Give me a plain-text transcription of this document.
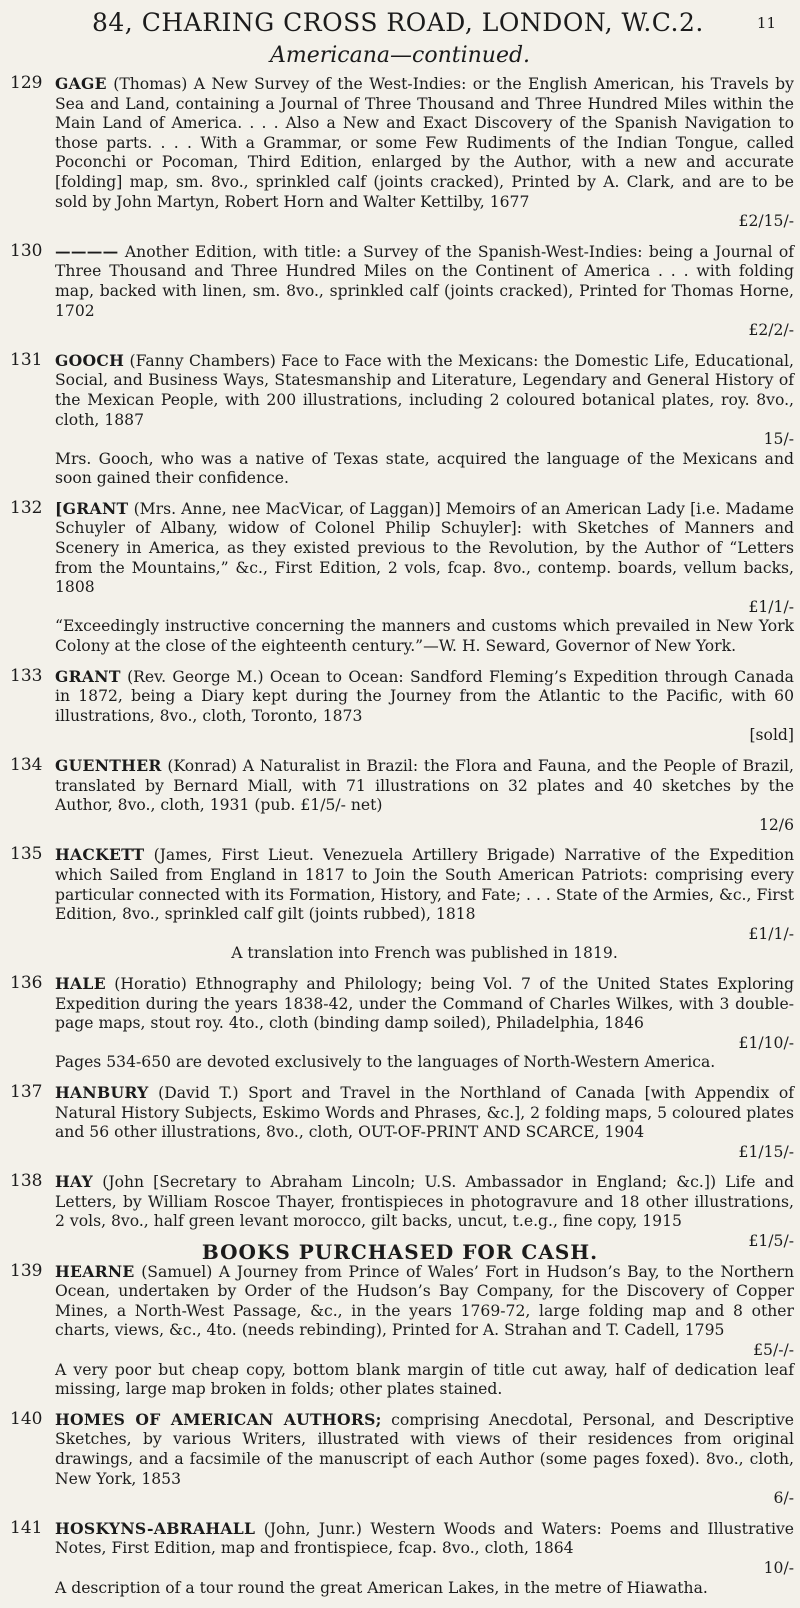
84, CHARING CROSS ROAD, LONDON, W.C.2.	11
Americana—continued.
129 GAGE (Thomas) A New Survey of the West-Indies: or the English American, his Travels by Sea and Land, containing a Journal of Three Thousand and Three Hundred Miles within the Main Land of America. . . . Also a New and Exact Discovery of the Spanish Navigation to those parts. . . . With a Grammar, or some Few Rudiments of the Indian Tongue, called Poconchi or Pocoman, Third Edition, enlarged by the Author, with a new and accurate [folding] map, sm. 8vo., sprinkled calf (joints cracked), Printed by A. Clark, and are to be sold by John Martyn, Robert Horn and Walter Kettilby, 1677
£2/15/-
130 ———— Another Edition, with title: a Survey of the Spanish-West-Indies: being a Journal of Three Thousand and Three Hundred Miles on the Continent of America . . . with folding map, backed with linen, sm. 8vo., sprinkled calf (joints cracked), Printed for Thomas Horne, 1702
£2/2/-
131 GOOCH (Fanny Chambers) Face to Face with the Mexicans: the Domestic Life, Educational, Social, and Business Ways, Statesmanship and Literature, Legendary and General History of the Mexican People, with 200 illustrations, including 2 coloured botanical plates, roy. 8vo., cloth, 1887
15/-
Mrs. Gooch, who was a native of Texas state, acquired the language of the Mexicans and soon gained their confidence.
132 [GRANT (Mrs. Anne, nee MacVicar, of Laggan)] Memoirs of an American Lady [i.e. Madame Schuyler of Albany, widow of Colonel Philip Schuyler]: with Sketches of Manners and Scenery in America, as they existed previous to the Revolution, by the Author of “Letters from the Mountains,” &c., First Edition, 2 vols, fcap. 8vo., contemp. boards, vellum backs, 1808
£1/1/-
“Exceedingly instructive concerning the manners and customs which prevailed in New York Colony at the close of the eighteenth century.”—W. H. Seward, Governor of New York.
133 GRANT (Rev. George M.) Ocean to Ocean: Sandford Fleming’s Expedition through Canada in 1872, being a Diary kept during the Journey from the Atlantic to the Pacific, with 60 illustrations, 8vo., cloth, Toronto, 1873
[sold]
134 GUENTHER (Konrad) A Naturalist in Brazil: the Flora and Fauna, and the People of Brazil, translated by Bernard Miall, with 71 illustrations on 32 plates and 40 sketches by the Author, 8vo., cloth, 1931 (pub. £1/5/- net)
12/6
135 HACKETT (James, First Lieut. Venezuela Artillery Brigade) Narrative of the Expedition which Sailed from England in 1817 to Join the South American Patriots: comprising every particular connected with its Formation, History, and Fate; . . . State of the Armies, &c., First Edition, 8vo., sprinkled calf gilt (joints rubbed), 1818
£1/1/-
A translation into French was published in 1819.
136 HALE (Horatio) Ethnography and Philology; being Vol. 7 of the United States Exploring Expedition during the years 1838-42, under the Command of Charles Wilkes, with 3 double-page maps, stout roy. 4to., cloth (binding damp soiled), Philadelphia, 1846
£1/10/-
Pages 534-650 are devoted exclusively to the languages of North-Western America.
137 HANBURY (David T.) Sport and Travel in the Northland of Canada [with Appendix of Natural History Subjects, Eskimo Words and Phrases, &c.], 2 folding maps, 5 coloured plates and 56 other illustrations, 8vo., cloth, OUT-OF-PRINT AND SCARCE, 1904
£1/15/-
138 HAY (John [Secretary to Abraham Lincoln; U.S. Ambassador in England; &c.]) Life and Letters, by William Roscoe Thayer, frontispieces in photogravure and 18 other illustrations, 2 vols, 8vo., half green levant morocco, gilt backs, uncut, t.e.g., fine copy, 1915
£1/5/-
139 HEARNE (Samuel) A Journey from Prince of Wales’ Fort in Hudson’s Bay, to the Northern Ocean, undertaken by Order of the Hudson’s Bay Company, for the Discovery of Copper Mines, a North-West Passage, &c., in the years 1769-72, large folding map and 8 other charts, views, &c., 4to. (needs rebinding), Printed for A. Strahan and T. Cadell, 1795
£5/-/-
A very poor but cheap copy, bottom blank margin of title cut away, half of dedication leaf missing, large map broken in folds; other plates stained.
140 HOMES OF AMERICAN AUTHORS; comprising Anecdotal, Personal, and Descriptive Sketches, by various Writers, illustrated with views of their residences from original drawings, and a facsimile of the manuscript of each Author (some pages foxed). 8vo., cloth, New York, 1853
6/-
141 HOSKYNS-ABRAHALL (John, Junr.) Western Woods and Waters: Poems and Illustrative Notes, First Edition, map and frontispiece, fcap. 8vo., cloth, 1864
10/-
A description of a tour round the great American Lakes, in the metre of Hiawatha.
BOOKS PURCHASED FOR CASH.
